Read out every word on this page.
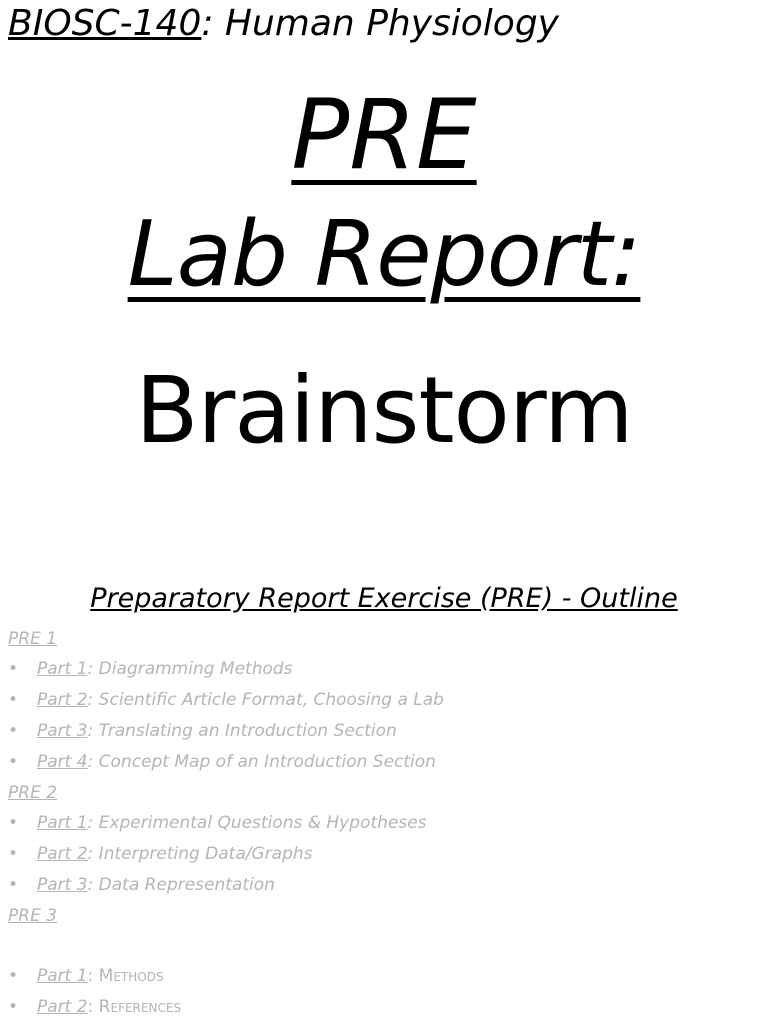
BIOSC-140: Human Physiology
PRE
Lab Report:
Brainstorm
Preparatory Report Exercise (PRE) - Outline
PRE 1
• Part 1: Diagramming Methods
• Part 2: Scientific Article Format, Choosing a Lab
• Part 3: Translating an Introduction Section
• Part 4: Concept Map of an Introduction Section
PRE 2
• Part 1: Experimental Questions & Hypotheses
• Part 2: Interpreting Data/Graphs
• Part 3: Data Representation
PRE 3
• Part 1: Methods
• Part 2: References
